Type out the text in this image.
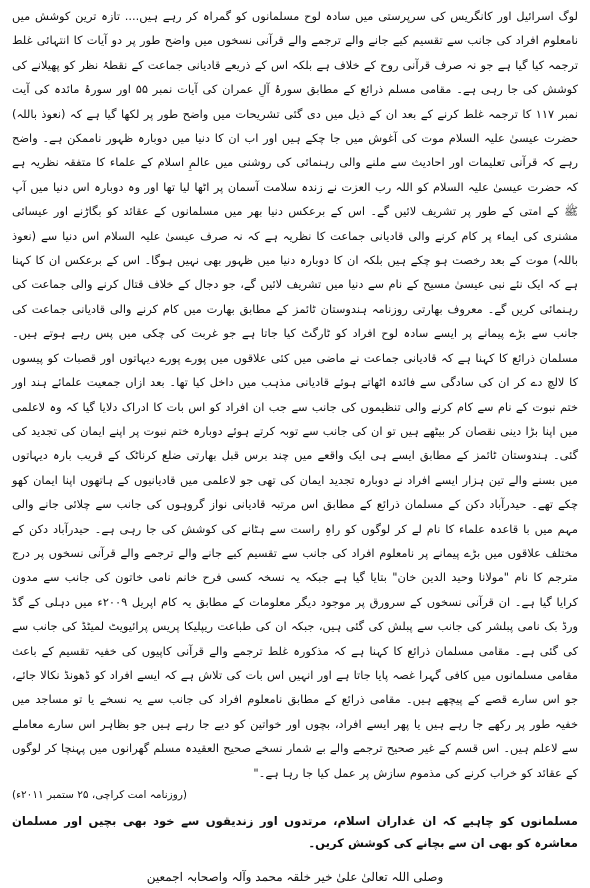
لوگ اسرائیل اور کانگریس کی سرپرستی میں سادہ لوح مسلمانوں کو گمراہ کر رہے ہیں.... تازہ ترین کوشش میں نامعلوم افراد کی جانب سے تقسیم کیے جانے والے ترجمے والے قرآنی نسخوں میں واضح طور پر دو آیات کا انتہائی غلط ترجمہ کیا گیا ہے جو نہ صرف قرآنی روح کے خلاف ہے بلکہ اس کے ذریعے قادیانی جماعت کے نقطۂ نظر کو پھیلانے کی کوشش کی جا رہی ہے۔ مقامی مسلم ذرائع کے مطابق سورۂ آلِ عمران کی آیات نمبر ۵۵ اور سورۂ مائدہ کی آیت نمبر ۱۱۷ کا ترجمہ غلط کرنے کے بعد ان کے ذیل میں دی گئی تشریحات میں واضح طور پر لکھا گیا ہے کہ (نعوذ باللہ) حضرت عیسیٰ علیہ السلام موت کی آغوش میں جا چکے ہیں اور اب ان کا دنیا میں دوبارہ ظہور ناممکن ہے۔ واضح رہے کہ قرآنی تعلیمات اور احادیث سے ملنے والی رہنمائی کی روشنی میں عالمِ اسلام کے علماء کا متفقہ نظریہ ہے کہ حضرت عیسیٰ علیہ السلام کو اللہ رب العزت نے زندہ سلامت آسمان پر اٹھا لیا تھا اور وہ دوبارہ اس دنیا میں آپ ﷺ کے امتی کے طور پر تشریف لائیں گے۔ اس کے برعکس دنیا بھر میں مسلمانوں کے عقائد کو بگاڑنے اور عیسائی مشنری کی ایماء پر کام کرنے والی قادیانی جماعت کا نظریہ ہے کہ نہ صرف عیسیٰ علیہ السلام اس دنیا سے (نعوذ باللہ) موت کے بعد رخصت ہو چکے ہیں بلکہ ان کا دوبارہ دنیا میں ظہور بھی نہیں ہوگا۔ اس کے برعکس ان کا کہنا ہے کہ ایک نئے نبی عیسیٰ مسیح کے نام سے دنیا میں تشریف لائیں گے، جو دجال کے خلاف قتال کرنے والی جماعت کی رہنمائی کریں گے۔ معروف بھارتی روزنامہ ہندوستان ٹائمز کے مطابق بھارت میں کام کرنے والی قادیانی جماعت کی جانب سے بڑے پیمانے پر ایسے سادہ لوح افراد کو ٹارگٹ کیا جاتا ہے جو غربت کی چکی میں پس رہے ہوتے ہیں۔ مسلمان ذرائع کا کہنا ہے کہ قادیانی جماعت نے ماضی میں کئی علاقوں میں پورے پورے دیہاتوں اور قصبات کو پیسوں کا لالچ دے کر ان کی سادگی سے فائدہ اٹھاتے ہوئے قادیانی مذہب میں داخل کیا تھا۔ بعد ازاں جمعیت علمائے ہند اور ختم نبوت کے نام سے کام کرنے والی تنظیموں کی جانب سے جب ان افراد کو اس بات کا ادراک دلایا گیا کہ وہ لاعلمی میں اپنا بڑا دینی نقصان کر بیٹھے ہیں تو ان کی جانب سے توبہ کرتے ہوئے دوبارہ ختم نبوت پر اپنے ایمان کی تجدید کی گئی۔ ہندوستان ٹائمز کے مطابق ایسے ہی ایک واقعے میں چند برس قبل بھارتی ضلع کرناٹک کے قریب بارہ دیہاتوں میں بسنے والے تین ہزار ایسے افراد نے دوبارہ تجدید ایمان کی تھی جو لاعلمی میں قادیانیوں کے ہاتھوں اپنا ایمان کھو چکے تھے۔ حیدرآباد دکن کے مسلمان ذرائع کے مطابق اس مرتبہ قادیانی نواز گروہوں کی جانب سے چلائی جانے والی مہم میں با قاعدہ علماء کا نام لے کر لوگوں کو راہِ راست سے ہٹانے کی کوشش کی جا رہی ہے۔ حیدرآباد دکن کے مختلف علاقوں میں بڑے پیمانے پر نامعلوم افراد کی جانب سے تقسیم کیے جانے والے ترجمے والے قرآنی نسخوں پر درج مترجم کا نام "مولانا وحید الدین خان" بتایا گیا ہے جبکہ یہ نسخہ کسی فرح خانم نامی خاتون کی جانب سے مدون کرایا گیا ہے۔ ان قرآنی نسخوں کے سرورق پر موجود دیگر معلومات کے مطابق یہ کام اپریل ۲۰۰۹ء میں دہلی کے گڈ ورڈ بک نامی پبلشر کی جانب سے پبلش کی گئی ہیں، جبکہ ان کی طباعت ریپلیکا پریس پرائیویٹ لمیٹڈ کی جانب سے کی گئی ہے۔ مقامی مسلمان ذرائع کا کہنا ہے کہ مذکورہ غلط ترجمے والے قرآنی کاپیوں کی خفیہ تقسیم کے باعث مقامی مسلمانوں میں کافی گہرا غصہ پایا جاتا ہے اور انہیں اس بات کی تلاش ہے کہ ایسے افراد کو ڈھونڈ نکالا جائے، جو اس سارے قصے کے پیچھے ہیں۔ مقامی ذرائع کے مطابق نامعلوم افراد کی جانب سے یہ نسخے یا تو مساجد میں خفیہ طور پر رکھے جا رہے ہیں یا پھر ایسے افراد، بچوں اور خواتین کو دیے جا رہے ہیں جو بظاہر اس سارے معاملے سے لاعلم ہیں۔ اس قسم کے غیر صحیح ترجمے والے بے شمار نسخے صحیح العقیدہ مسلم گھرانوں میں پہنچا کر لوگوں کے عقائد کو خراب کرنے کی مذموم سازش پر عمل کیا جا رہا ہے۔"

(روزنامہ امت کراچی، ۲۵ ستمبر ۲۰۱۱ء)

مسلمانوں کو چاہیے کہ ان غداران اسلام، مرتدوں اور زندیقوں سے خود بھی بچیں اور مسلمان معاشرہ کو بھی ان سے بچانے کی کوشش کریں۔

وصلی اللہ تعالیٰ علیٰ خیر خلقہ محمد وآلہ واصحابہ اجمعین
